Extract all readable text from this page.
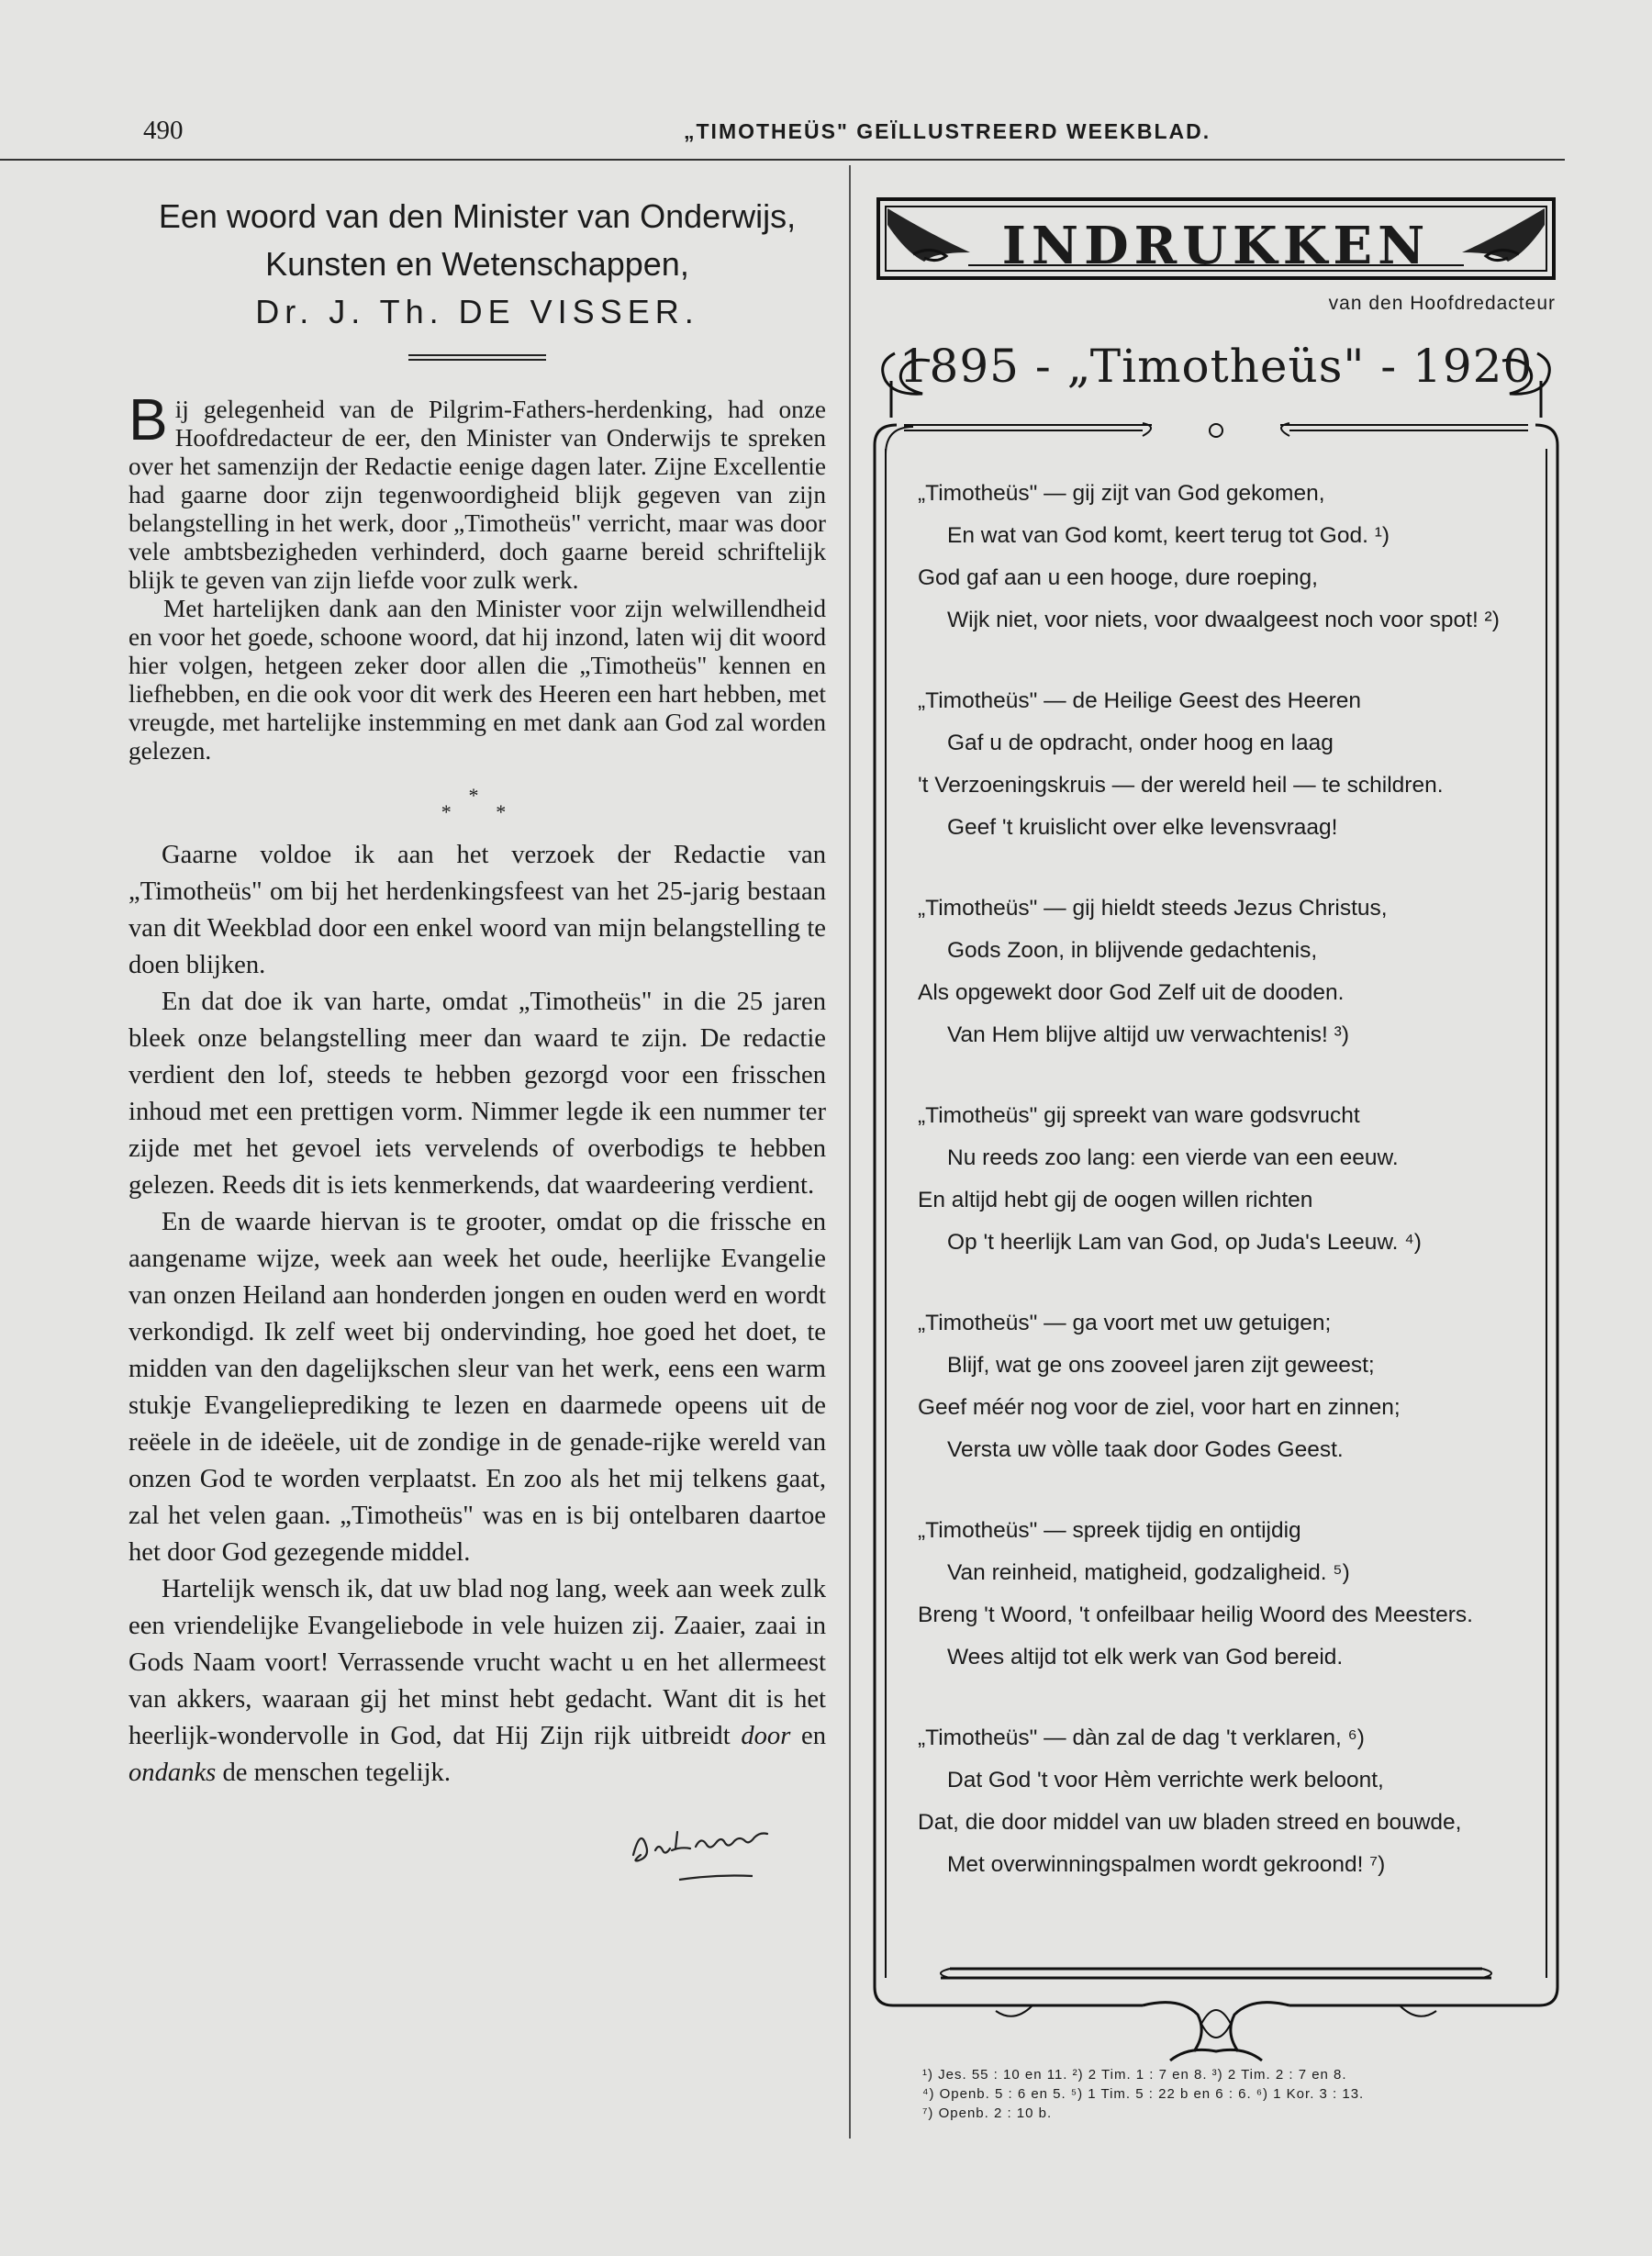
490	„TIMOTHEÜS" GEÏLLUSTREERD WEEKBLAD.
Een woord van den Minister van Onderwijs,
Kunsten en Wetenschappen,
Dr. J. Th. DE VISSER.

Bij gelegenheid van de Pilgrim-Fathers-herdenking, had onze Hoofdredacteur de eer, den Minister van Onderwijs te spreken over het samenzijn der Redactie eenige dagen later. Zijne Excellentie had gaarne door zijn tegenwoordigheid blijk gegeven van zijn belangstelling in het werk, door „Timotheüs" verricht, maar was door vele ambtsbezigheden verhinderd, doch gaarne bereid schriftelijk blijk te geven van zijn liefde voor zulk werk.

Met hartelijken dank aan den Minister voor zijn welwillendheid en voor het goede, schoone woord, dat hij inzond, laten wij dit woord hier volgen, hetgeen zeker door allen die „Timotheüs" kennen en liefhebben, en die ook voor dit werk des Heeren een hart hebben, met vreugde, met hartelijke instemming en met dank aan God zal worden gelezen.

*
*   *

Gaarne voldoe ik aan het verzoek der Redactie van „Timotheüs" om bij het herdenkingsfeest van het 25-jarig bestaan van dit Weekblad door een enkel woord van mijn belangstelling te doen blijken.

En dat doe ik van harte, omdat „Timotheüs" in die 25 jaren bleek onze belangstelling meer dan waard te zijn. De redactie verdient den lof, steeds te hebben gezorgd voor een frisschen inhoud met een prettigen vorm. Nimmer legde ik een nummer ter zijde met het gevoel iets vervelends of overbodigs te hebben gelezen. Reeds dit is iets kenmerkends, dat waardeering verdient.

En de waarde hiervan is te grooter, omdat op die frissche en aangename wijze, week aan week het oude, heerlijke Evangelie van onzen Heiland aan honderden jongen en ouden werd en wordt verkondigd. Ik zelf weet bij ondervinding, hoe goed het doet, te midden van den dagelijkschen sleur van het werk, eens een warm stukje Evangelieprediking te lezen en daarmede opeens uit de reëele in de ideëele, uit de zondige in de genade-rijke wereld van onzen God te worden verplaatst. En zoo als het mij telkens gaat, zal het velen gaan. „Timotheüs" was en is bij ontelbaren daartoe het door God gezegende middel.

Hartelijk wensch ik, dat uw blad nog lang, week aan week zulk een vriendelijke Evangeliebode in vele huizen zij. Zaaier, zaai in Gods Naam voort! Verrassende vrucht wacht u en het allermeest van akkers, waaraan gij het minst hebt gedacht. Want dit is het heerlijk-wondervolle in God, dat Hij Zijn rijk uitbreidt door en ondanks de menschen tegelijk.

INDRUKKEN
van den Hoofdredacteur
1895 - „Timotheüs" - 1920
„Timotheüs" — gij zijt van God gekomen,
En wat van God komt, keert terug tot God. ¹)
God gaf aan u een hooge, dure roeping,
Wijk niet, voor niets, voor dwaalgeest noch voor spot! ²)
„Timotheüs" — de Heilige Geest des Heeren
Gaf u de opdracht, onder hoog en laag
't Verzoeningskruis — der wereld heil — te schildren.
Geef 't kruislicht over elke levensvraag!
„Timotheüs" — gij hieldt steeds Jezus Christus,
Gods Zoon, in blijvende gedachtenis,
Als opgewekt door God Zelf uit de dooden.
Van Hem blijve altijd uw verwachtenis! ³)
„Timotheüs" gij spreekt van ware godsvrucht
Nu reeds zoo lang: een vierde van een eeuw.
En altijd hebt gij de oogen willen richten
Op 't heerlijk Lam van God, op Juda's Leeuw. ⁴)
„Timotheüs" — ga voort met uw getuigen;
Blijf, wat ge ons zooveel jaren zijt geweest;
Geef méér nog voor de ziel, voor hart en zinnen;
Versta uw vòlle taak door Godes Geest.
„Timotheüs" — spreek tijdig en ontijdig
Van reinheid, matigheid, godzaligheid. ⁵)
Breng 't Woord, 't onfeilbaar heilig Woord des Meesters.
Wees altijd tot elk werk van God bereid.
„Timotheüs" — dàn zal de dag 't verklaren, ⁶)
Dat God 't voor Hèm verrichte werk beloont,
Dat, die door middel van uw bladen streed en bouwde,
Met overwinningspalmen wordt gekroond! ⁷)
¹) Jes. 55 : 10 en 11. ²) 2 Tim. 1 : 7 en 8. ³) 2 Tim. 2 : 7 en 8.
⁴) Openb. 5 : 6 en 5. ⁵) 1 Tim. 5 : 22 b en 6 : 6. ⁶) 1 Kor. 3 : 13.
⁷) Openb. 2 : 10 b.
